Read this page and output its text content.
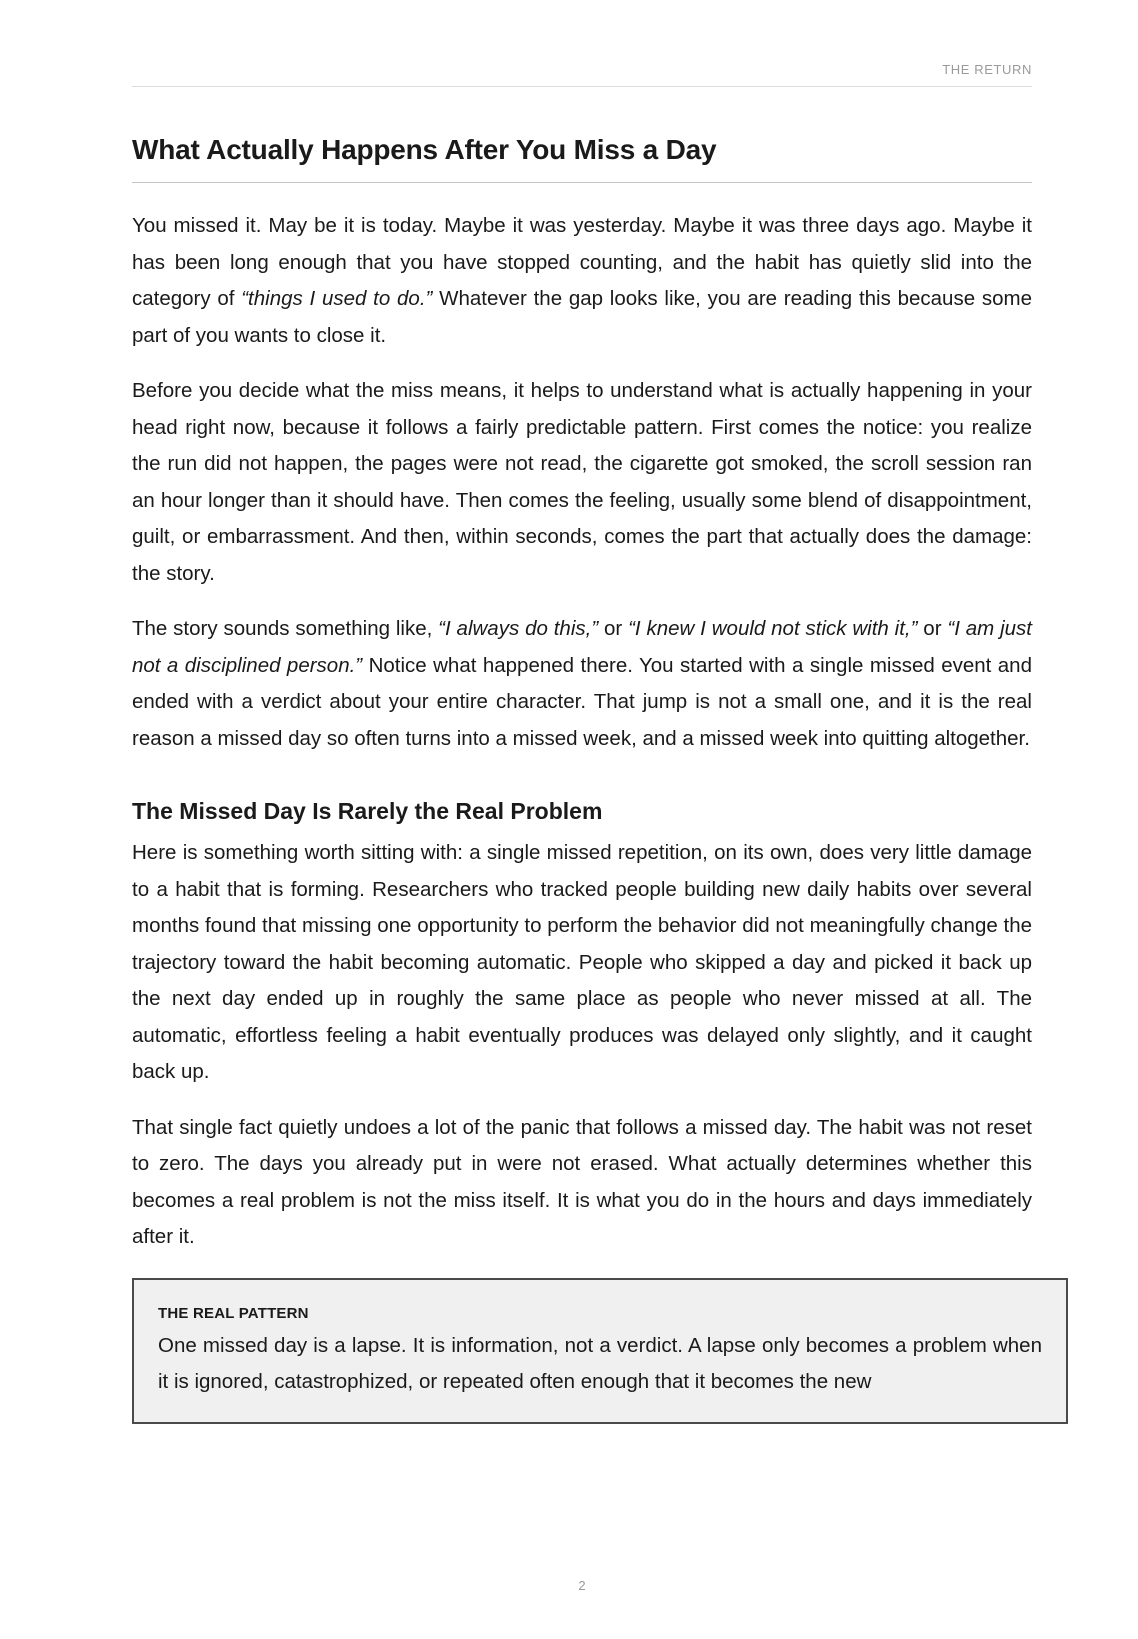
THE RETURN
What Actually Happens After You Miss a Day

You missed it. May be it is today. Maybe it was yesterday. Maybe it was three days ago. Maybe it has been long enough that you have stopped counting, and the habit has quietly slid into the category of “things I used to do.” Whatever the gap looks like, you are reading this because some part of you wants to close it.

Before you decide what the miss means, it helps to understand what is actually happening in your head right now, because it follows a fairly predictable pattern. First comes the notice: you realize the run did not happen, the pages were not read, the cigarette got smoked, the scroll session ran an hour longer than it should have. Then comes the feeling, usually some blend of disappointment, guilt, or embarrassment. And then, within seconds, comes the part that actually does the damage: the story.

The story sounds something like, “I always do this,” or “I knew I would not stick with it,” or “I am just not a disciplined person.” Notice what happened there. You started with a single missed event and ended with a verdict about your entire character. That jump is not a small one, and it is the real reason a missed day so often turns into a missed week, and a missed week into quitting altogether.

The Missed Day Is Rarely the Real Problem

Here is something worth sitting with: a single missed repetition, on its own, does very little damage to a habit that is forming. Researchers who tracked people building new daily habits over several months found that missing one opportunity to perform the behavior did not meaningfully change the trajectory toward the habit becoming automatic. People who skipped a day and picked it back up the next day ended up in roughly the same place as people who never missed at all. The automatic, effortless feeling a habit eventually produces was delayed only slightly, and it caught back up.

That single fact quietly undoes a lot of the panic that follows a missed day. The habit was not reset to zero. The days you already put in were not erased. What actually determines whether this becomes a real problem is not the miss itself. It is what you do in the hours and days immediately after it.

THE REAL PATTERN

One missed day is a lapse. It is information, not a verdict. A lapse only becomes a problem when it is ignored, catastrophized, or repeated often enough that it becomes the new

2
